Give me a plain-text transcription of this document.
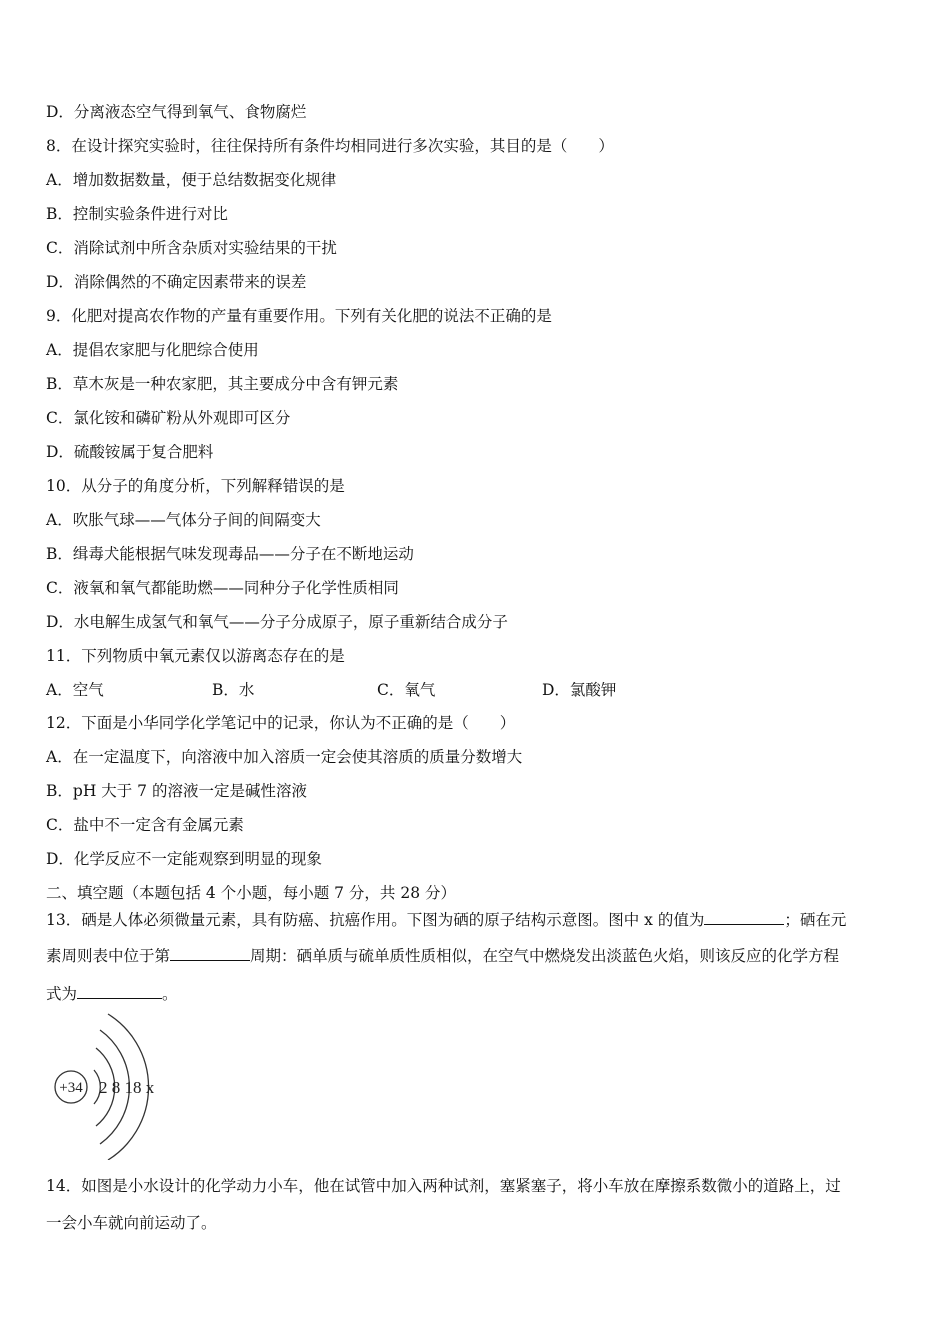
D．分离液态空气得到氧气、食物腐烂
8．在设计探究实验时，往往保持所有条件均相同进行多次实验，其目的是（　　）
A．增加数据数量，便于总结数据变化规律
B．控制实验条件进行对比
C．消除试剂中所含杂质对实验结果的干扰
D．消除偶然的不确定因素带来的误差
9．化肥对提高农作物的产量有重要作用。下列有关化肥的说法不正确的是
A．提倡农家肥与化肥综合使用
B．草木灰是一种农家肥，其主要成分中含有钾元素
C．氯化铵和磷矿粉从外观即可区分
D．硫酸铵属于复合肥料
10．从分子的角度分析，下列解释错误的是
A．吹胀气球——气体分子间的间隔变大
B．缉毒犬能根据气味发现毒品——分子在不断地运动
C．液氧和氧气都能助燃——同种分子化学性质相同
D．水电解生成氢气和氧气——分子分成原子，原子重新结合成分子
11．下列物质中氧元素仅以游离态存在的是
A．空气	B．水	C．氧气	D．氯酸钾
12．下面是小华同学化学笔记中的记录，你认为不正确的是（　　）
A．在一定温度下，向溶液中加入溶质一定会使其溶质的质量分数增大
B．pH 大于 7 的溶液一定是碱性溶液
C．盐中不一定含有金属元素
D．化学反应不一定能观察到明显的现象
二、填空题（本题包括 4 个小题，每小题 7 分，共 28 分）
13．硒是人体必须微量元素，具有防癌、抗癌作用。下图为硒的原子结构示意图。图中 x 的值为	；硒在元
素周则表中位于第	周期：硒单质与硫单质性质相似，在空气中燃烧发出淡蓝色火焰，则该反应的化学方程
式为	。
+34 2 8 18 x
14．如图是小水设计的化学动力小车，他在试管中加入两种试剂，塞紧塞子，将小车放在摩擦系数微小的道路上，过
一会小车就向前运动了。
